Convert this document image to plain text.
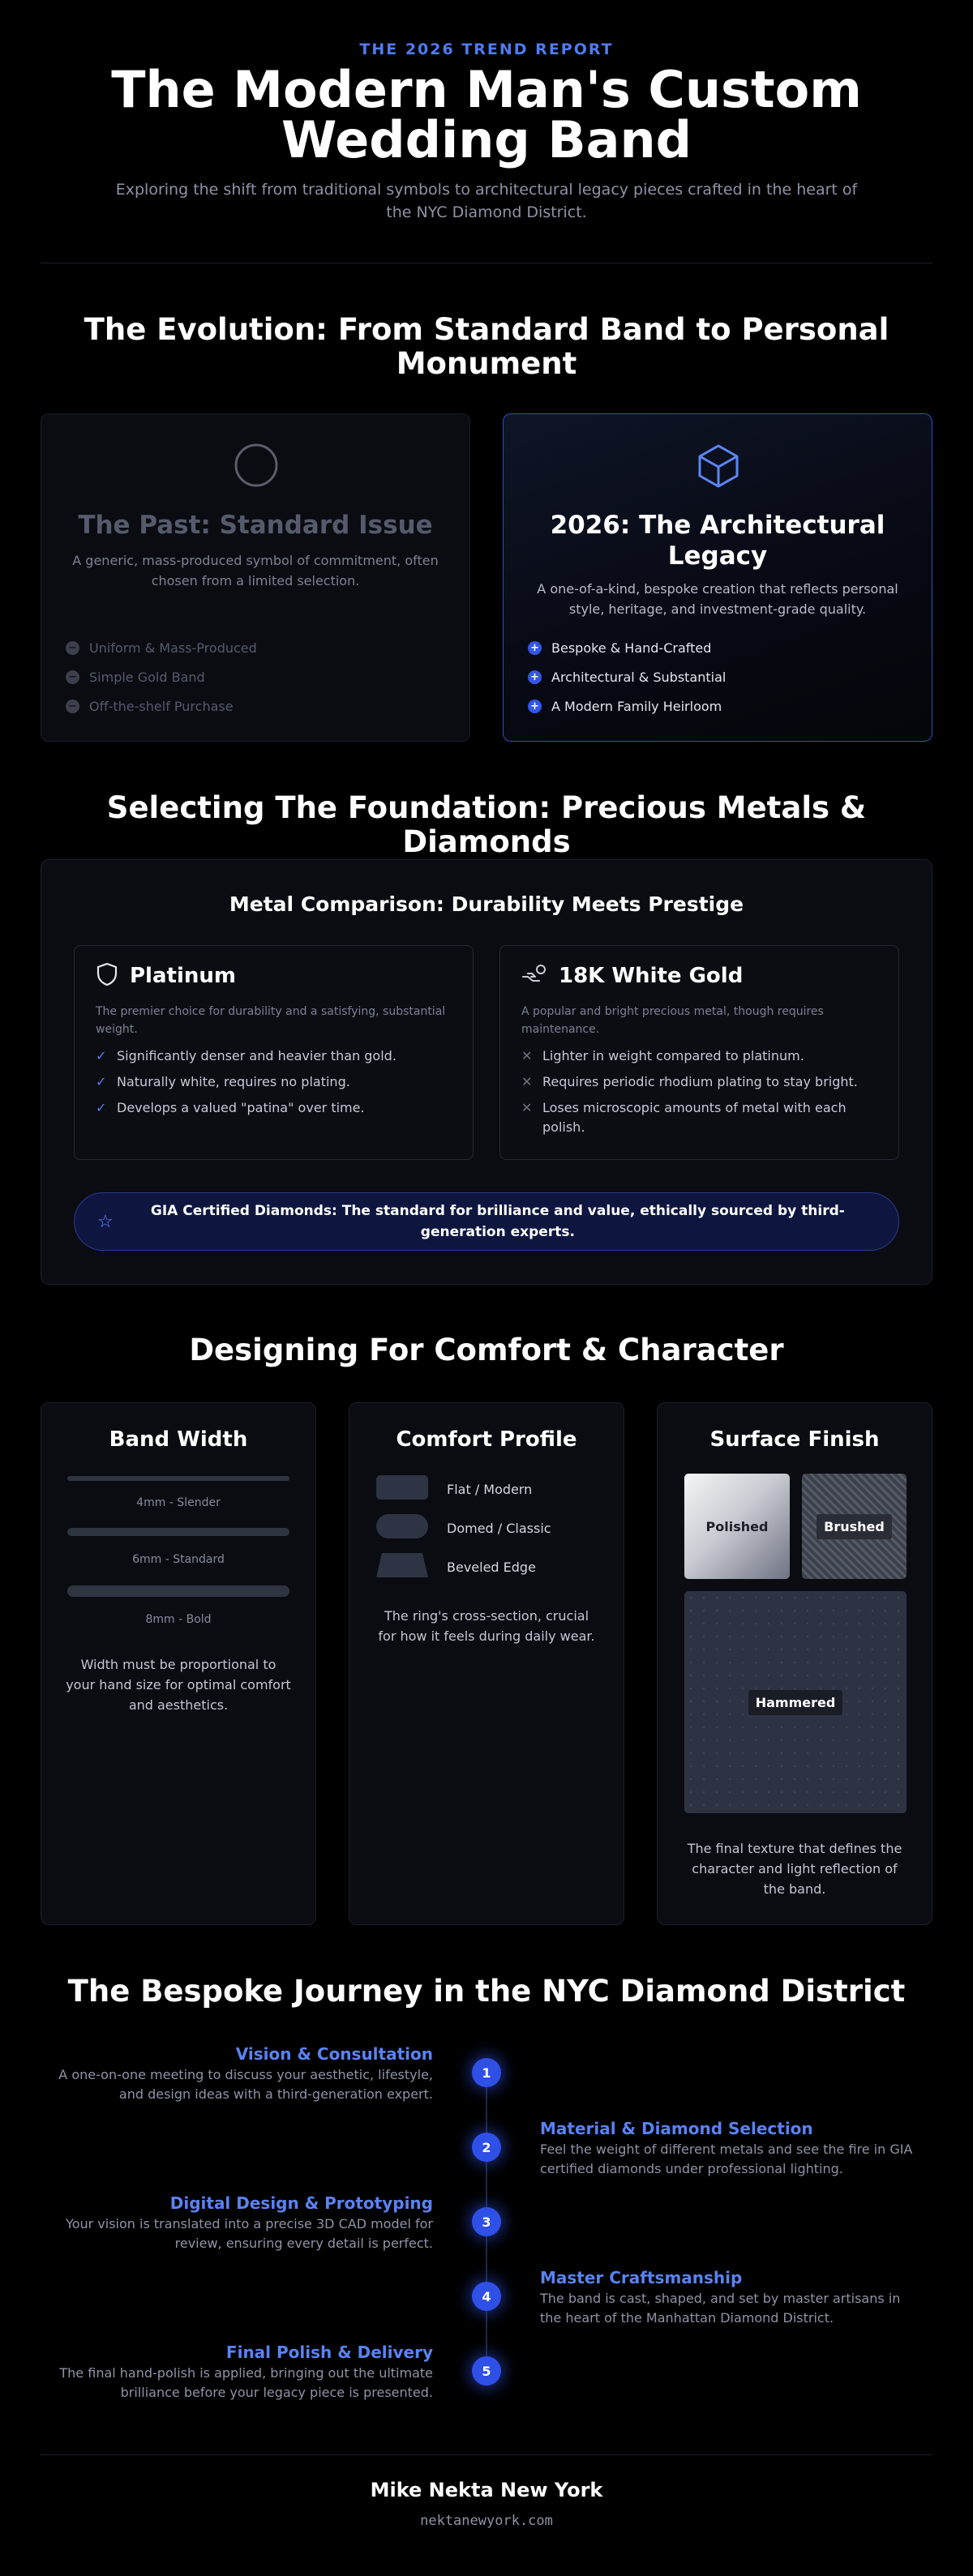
THE 2026 TREND REPORT
The Modern Man's Custom Wedding Band

Exploring the shift from traditional symbols to architectural legacy pieces crafted in the heart of the NYC Diamond District.

The Evolution: From Standard Band to Personal Monument
The Past: Standard Issue

A generic, mass-produced symbol of commitment, often chosen from a limited selection.

− Uniform & Mass-Produced
− Simple Gold Band
− Off-the-shelf Purchase
2026: The Architectural Legacy

A one-of-a-kind, bespoke creation that reflects personal style, heritage, and investment-grade quality.

+ Bespoke & Hand-Crafted
+ Architectural & Substantial
+ A Modern Family Heirloom
Selecting The Foundation: Precious Metals & Diamonds
Metal Comparison: Durability Meets Prestige
Platinum

The premier choice for durability and a satisfying, substantial weight.

✓ Significantly denser and heavier than gold.
✓ Naturally white, requires no plating.
✓ Develops a valued "patina" over time.
18K White Gold

A popular and bright precious metal, though requires maintenance.

✕ Lighter in weight compared to platinum.
✕ Requires periodic rhodium plating to stay bright.
✕ Loses microscopic amounts of metal with each polish.
☆
GIA Certified Diamonds: The standard for brilliance and value, ethically sourced by third-generation experts.
Designing For Comfort & Character
Band Width
4mm - Slender
6mm - Standard
8mm - Bold

Width must be proportional to your hand size for optimal comfort and aesthetics.

Comfort Profile
Flat / Modern
Domed / Classic
Beveled Edge

The ring's cross-section, crucial for how it feels during daily wear.

Surface Finish
Polished	Brushed
Hammered

The final texture that defines the character and light reflection of the band.

The Bespoke Journey in the NYC Diamond District

Vision & Consultation

A one-on-one meeting to discuss your aesthetic, lifestyle, and design ideas with a third-generation expert.

1

Material & Diamond Selection

Feel the weight of different metals and see the fire in GIA certified diamonds under professional lighting.

2

Digital Design & Prototyping

Your vision is translated into a precise 3D CAD model for review, ensuring every detail is perfect.

3

Master Craftsmanship

The band is cast, shaped, and set by master artisans in the heart of the Manhattan Diamond District.

4

Final Polish & Delivery

The final hand-polish is applied, bringing out the ultimate brilliance before your legacy piece is presented.

5
Mike Nekta New York
nektanewyork.com
